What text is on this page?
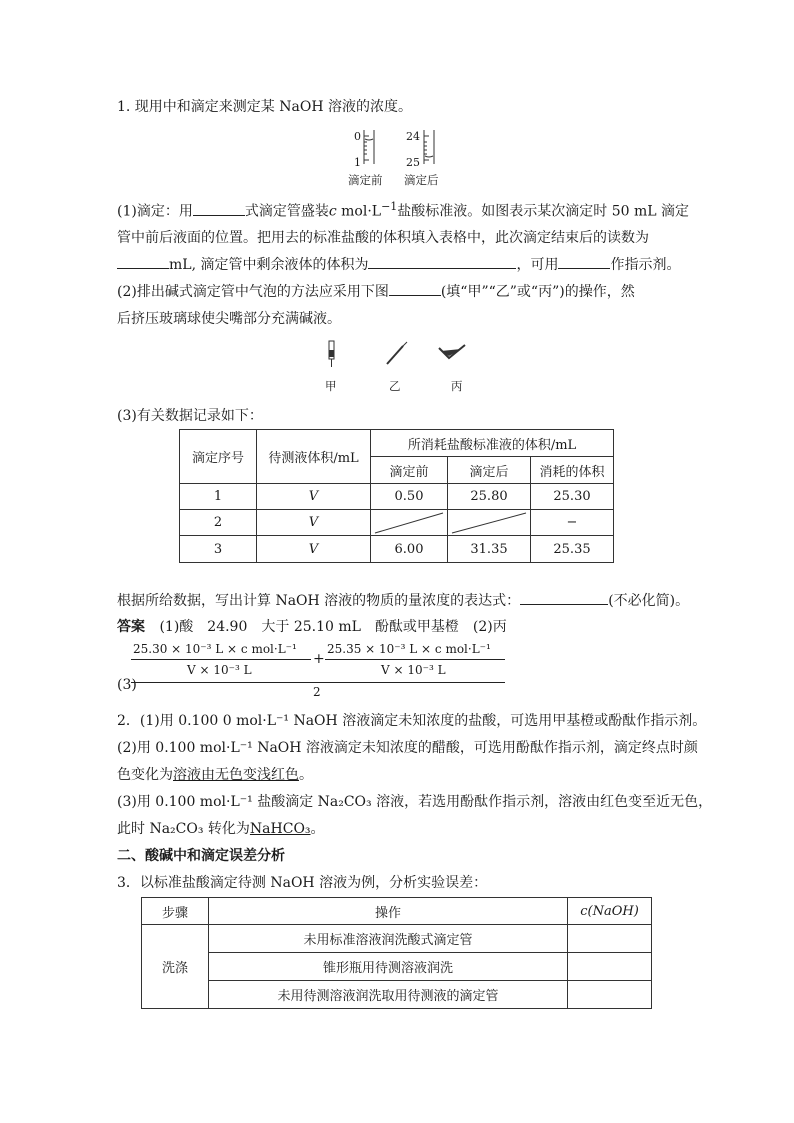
1. 现用中和滴定来测定某 NaOH 溶液的浓度。
0
1
24
25
滴定前 滴定后
(1)滴定：用	式滴定管盛装c $mol\cdot L^{-1}$盐酸标准液。如图表示某次滴定时 50 mL 滴定
管中前后液面的位置。把用去的标准盐酸的体积填入表格中，此次滴定结束后的读数为
mL, 滴定管中剩余液体的体积为	，可用	作指示剂。
(2)排出碱式滴定管中气泡的方法应采用下图	(填“甲”“乙”或“丙”)的操作，然
后挤压玻璃球使尖嘴部分充满碱液。
甲	乙	丙
(3)有关数据记录如下：
滴定序号	待测液体积/mL	所消耗盐酸标准液的体积/mL		
		滴定前	滴定后	消耗的体积
1	V	0.50	25.80	25.30
2	V			−
3	V	6.00	31.35	25.35
根据所给数据，写出计算 NaOH 溶液的物质的量浓度的表达式：	(不必化简)。
答案 (1)酸　24.90　大于 25.10 mL　酚酞或甲基橙　(2)丙
25.30 × 10⁻³ L × c mol·L⁻¹
V × 10⁻³ L
+
25.35 × 10⁻³ L × c mol·L⁻¹
V × 10⁻³ L
(3)	2
2．(1)用 0.100 0 mol·L⁻¹ NaOH 溶液滴定未知浓度的盐酸，可选用甲基橙或酚酞作指示剂。
(2)用 0.100 mol·L⁻¹ NaOH 溶液滴定未知浓度的醋酸，可选用酚酞作指示剂，滴定终点时颜
色变化为溶液由无色变浅红色。
(3)用 0.100 mol·L⁻¹ 盐酸滴定 Na₂CO₃ 溶液，若选用酚酞作指示剂，溶液由红色变至近无色，
此时 Na₂CO₃ 转化为NaHCO₃。
二、酸碱中和滴定误差分析
3．以标准盐酸滴定待测 NaOH 溶液为例，分析实验误差：
步骤	操作	c(NaOH)
洗涤	未用标准溶液润洗酸式滴定管	
	锥形瓶用待测溶液润洗	
	未用待测溶液润洗取用待测液的滴定管	
